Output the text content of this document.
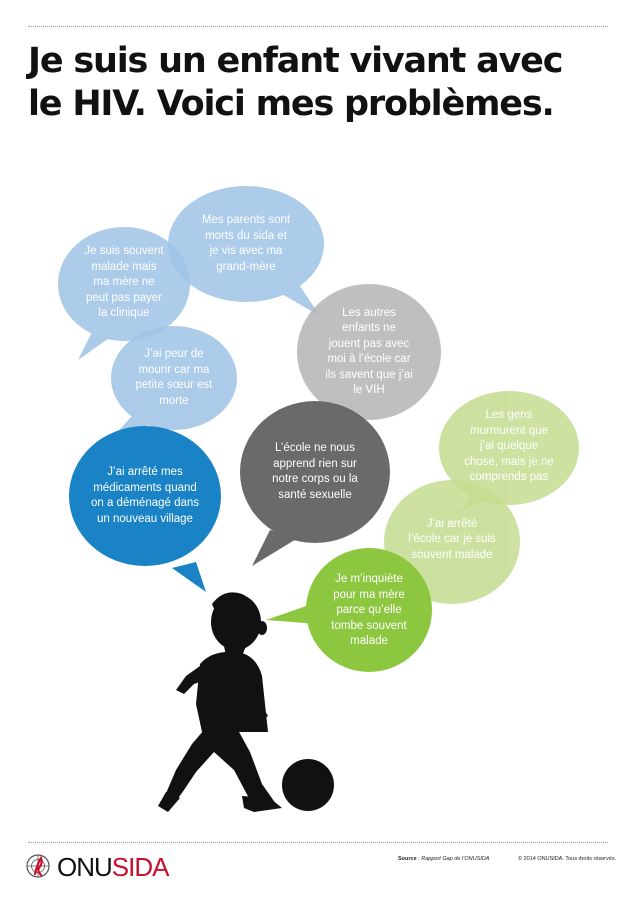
Je suis un enfant vivant avec
le HIV. Voici mes problèmes.
Mes parents sont
morts du sida et
je vis avec ma
grand-mère
Je suis souvent
malade mais
ma mère ne
peut pas payer
la clinique
J’ai peur de
mourir car ma
petite sœur est
morte
J’ai arrêté mes
médicaments quand
on a déménagé dans
un nouveau village
Les autres
enfants ne
jouent pas avec
moi à l’école car
ils savent que j’ai
le VIH
L’école ne nous
apprend rien sur
notre corps ou la
santé sexuelle
Les gens
murmurent que
j’ai quelque
chose, mais je ne
comprends pas
J’ai arrêté
l’école car je suis
souvent malade
Je m’inquiète
pour ma mère
parce qu’elle
tombe souvent
malade
ONUSIDA	Source : Rapport Gap de l’ONUSIDA	© 2014 ONUSIDA. Tous droits réservés.
